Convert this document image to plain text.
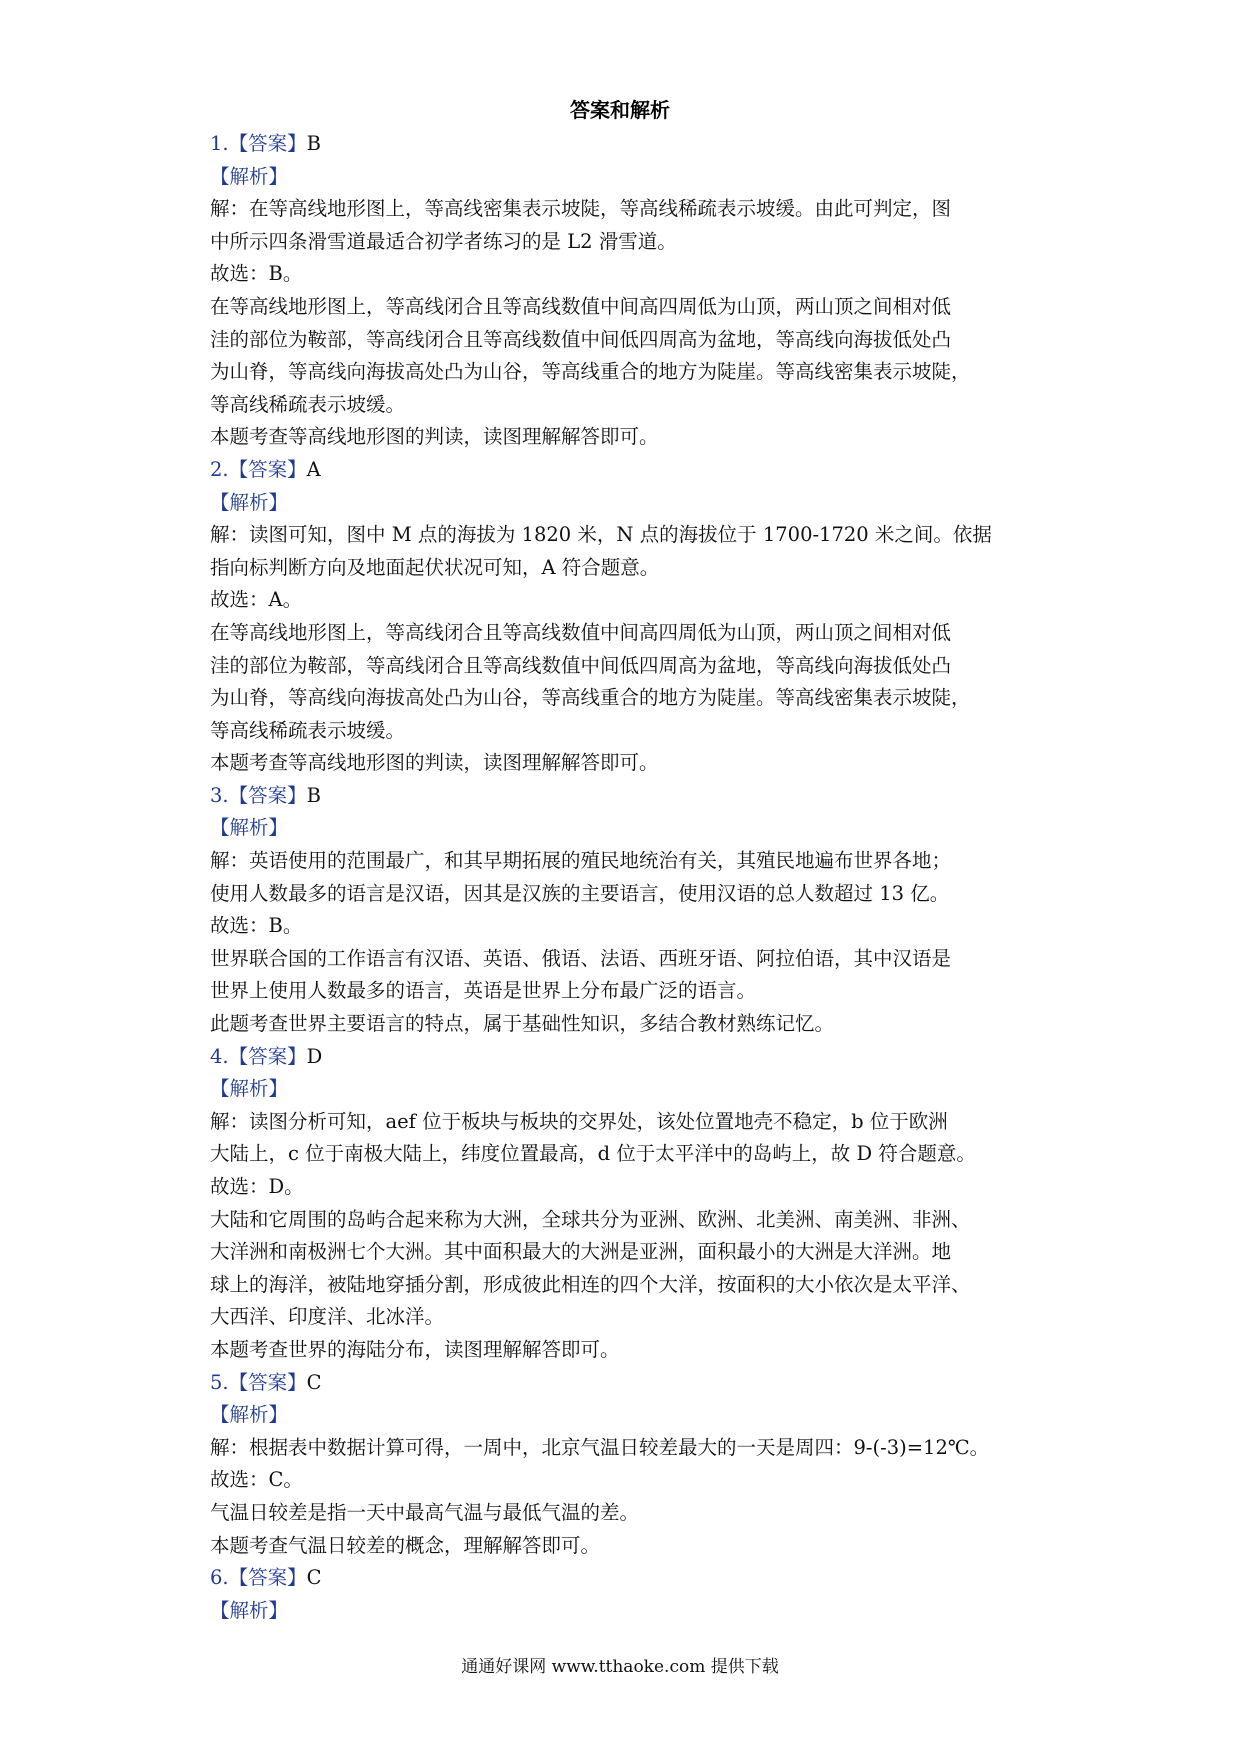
答案和解析
1.【答案】B
【解析】
解：在等高线地形图上，等高线密集表示坡陡，等高线稀疏表示坡缓。由此可判定，图
中所示四条滑雪道最适合初学者练习的是 L2 滑雪道。
故选：B。
在等高线地形图上，等高线闭合且等高线数值中间高四周低为山顶，两山顶之间相对低
洼的部位为鞍部，等高线闭合且等高线数值中间低四周高为盆地，等高线向海拔低处凸
为山脊，等高线向海拔高处凸为山谷，等高线重合的地方为陡崖。等高线密集表示坡陡，
等高线稀疏表示坡缓。
本题考查等高线地形图的判读，读图理解解答即可。
2.【答案】A
【解析】
解：读图可知，图中 M 点的海拔为 1820 米，N 点的海拔位于 1700-1720 米之间。依据
指向标判断方向及地面起伏状况可知，A 符合题意。
故选：A。
在等高线地形图上，等高线闭合且等高线数值中间高四周低为山顶，两山顶之间相对低
洼的部位为鞍部，等高线闭合且等高线数值中间低四周高为盆地，等高线向海拔低处凸
为山脊，等高线向海拔高处凸为山谷，等高线重合的地方为陡崖。等高线密集表示坡陡，
等高线稀疏表示坡缓。
本题考查等高线地形图的判读，读图理解解答即可。
3.【答案】B
【解析】
解：英语使用的范围最广，和其早期拓展的殖民地统治有关，其殖民地遍布世界各地；
使用人数最多的语言是汉语，因其是汉族的主要语言，使用汉语的总人数超过 13 亿。
故选：B。
世界联合国的工作语言有汉语、英语、俄语、法语、西班牙语、阿拉伯语，其中汉语是
世界上使用人数最多的语言，英语是世界上分布最广泛的语言。
此题考查世界主要语言的特点，属于基础性知识，多结合教材熟练记忆。
4.【答案】D
【解析】
解：读图分析可知，aef 位于板块与板块的交界处，该处位置地壳不稳定，b 位于欧洲
大陆上，c 位于南极大陆上，纬度位置最高，d 位于太平洋中的岛屿上，故 D 符合题意。
故选：D。
大陆和它周围的岛屿合起来称为大洲，全球共分为亚洲、欧洲、北美洲、南美洲、非洲、
大洋洲和南极洲七个大洲。其中面积最大的大洲是亚洲，面积最小的大洲是大洋洲。地
球上的海洋，被陆地穿插分割，形成彼此相连的四个大洋，按面积的大小依次是太平洋、
大西洋、印度洋、北冰洋。
本题考查世界的海陆分布，读图理解解答即可。
5.【答案】C
【解析】
解：根据表中数据计算可得，一周中，北京气温日较差最大的一天是周四：9-(-3)=12℃。
故选：C。
气温日较差是指一天中最高气温与最低气温的差。
本题考查气温日较差的概念，理解解答即可。
6.【答案】C
【解析】
通通好课网 www.tthaoke.com 提供下载
